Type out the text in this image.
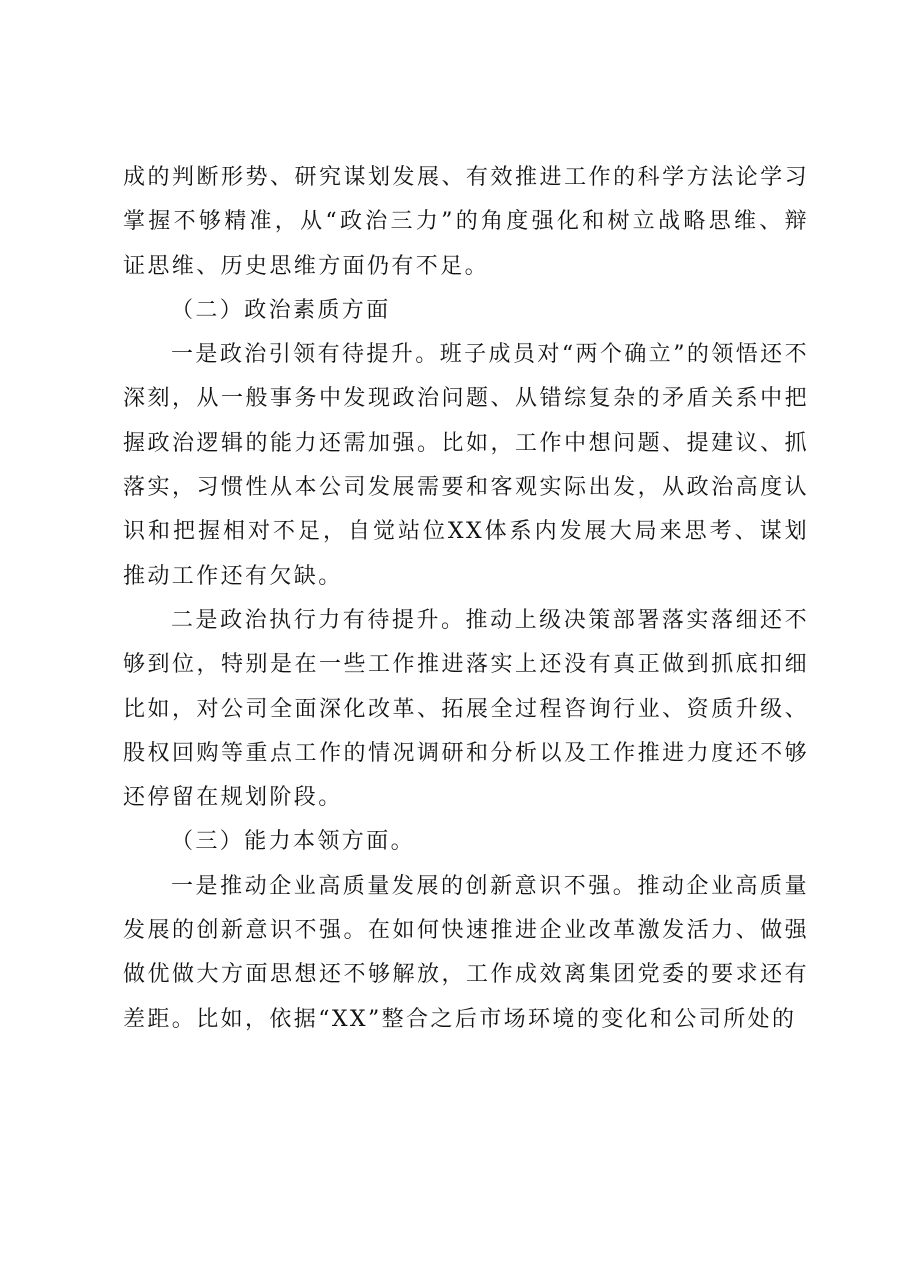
成的判断形势、研究谋划发展、有效推进工作的科学方法论学习掌握不够精准，从“政治三力”的角度强化和树立战略思维、辩证思维、历史思维方面仍有不足。

（二）政治素质方面

一是政治引领有待提升。班子成员对“两个确立”的领悟还不深刻，从一般事务中发现政治问题、从错综复杂的矛盾关系中把握政治逻辑的能力还需加强。比如，工作中想问题、提建议、抓落实，习惯性从本公司发展需要和客观实际出发，从政治高度认识和把握相对不足，自觉站位XX体系内发展大局来思考、谋划推动工作还有欠缺。

二是政治执行力有待提升。推动上级决策部署落实落细还不够到位，特别是在一些工作推进落实上还没有真正做到抓底扣细比如，对公司全面深化改革、拓展全过程咨询行业、资质升级、股权回购等重点工作的情况调研和分析以及工作推进力度还不够还停留在规划阶段。

（三）能力本领方面。

一是推动企业高质量发展的创新意识不强。推动企业高质量发展的创新意识不强。在如何快速推进企业改革激发活力、做强做优做大方面思想还不够解放，工作成效离集团党委的要求还有差距。比如，依据“XX”整合之后市场环境的变化和公司所处的
